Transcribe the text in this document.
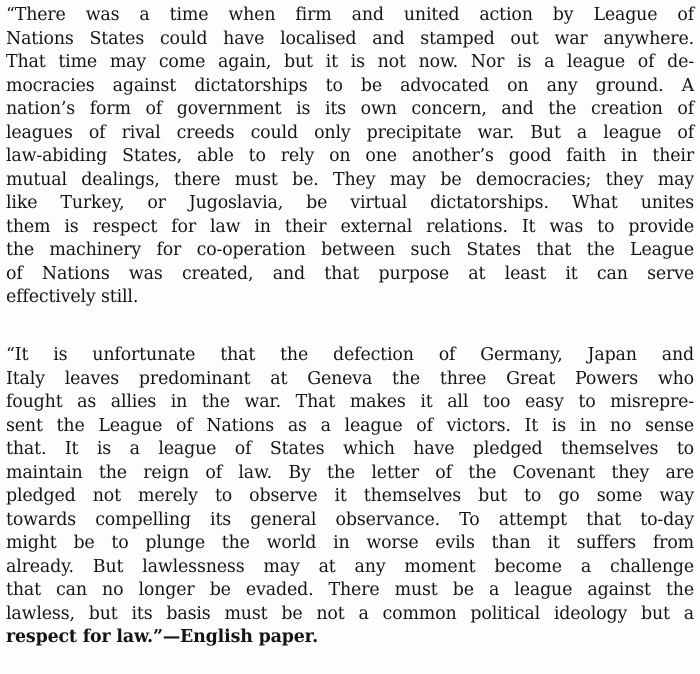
“There was a time when firm and united action by League of
Nations States could have localised and stamped out war anywhere.
That time may come again, but it is not now. Nor is a league of de-
mocracies against dictatorships to be advocated on any ground. A
nation’s form of government is its own concern, and the creation of
leagues of rival creeds could only precipitate war. But a league of
law-abiding States, able to rely on one another’s good faith in their
mutual dealings, there must be. They may be democracies; they may
like Turkey, or Jugoslavia, be virtual dictatorships. What unites
them is respect for law in their external relations. It was to provide
the machinery for co-operation between such States that the League
of Nations was created, and that purpose at least it can serve
effectively still.
“It is unfortunate that the defection of Germany, Japan and
Italy leaves predominant at Geneva the three Great Powers who
fought as allies in the war. That makes it all too easy to misrepre-
sent the League of Nations as a league of victors. It is in no sense
that. It is a league of States which have pledged themselves to
maintain the reign of law. By the letter of the Covenant they are
pledged not merely to observe it themselves but to go some way
towards compelling its general observance. To attempt that to-day
might be to plunge the world in worse evils than it suffers from
already. But lawlessness may at any moment become a challenge
that can no longer be evaded. There must be a league against the
lawless, but its basis must be not a common political ideology but a
respect for law.”—English paper.
